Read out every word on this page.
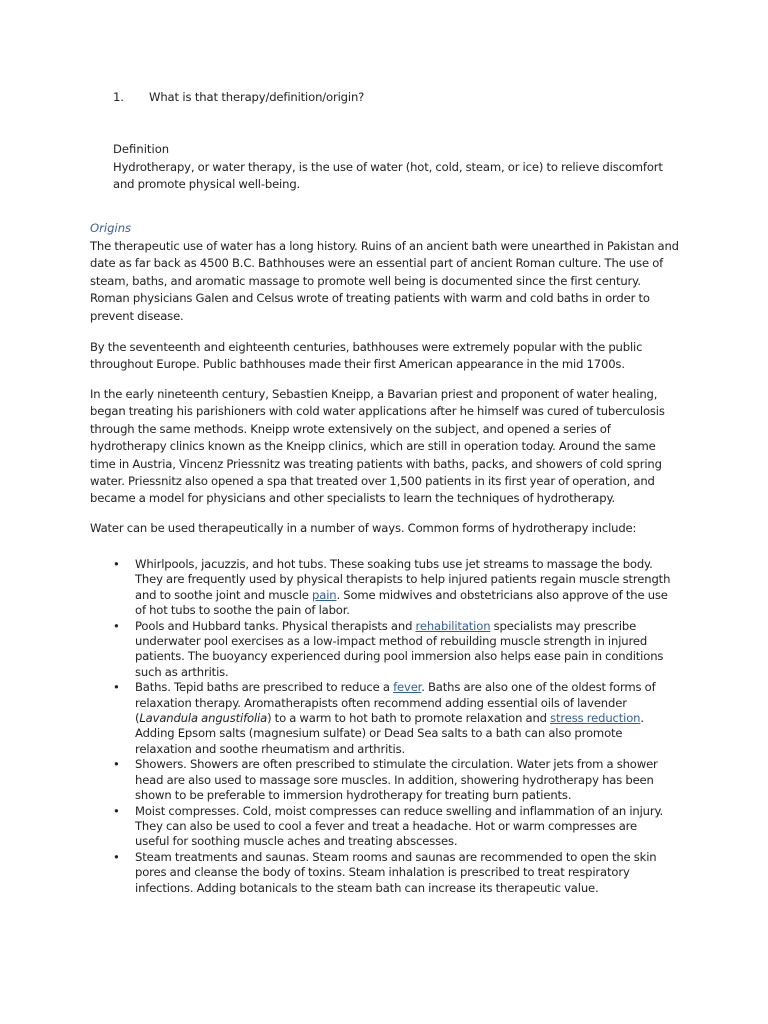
1. What is that therapy/definition/origin?
Definition
Hydrotherapy, or water therapy, is the use of water (hot, cold, steam, or ice) to relieve discomfort and promote physical well-being.
Origins

The therapeutic use of water has a long history. Ruins of an ancient bath were unearthed in Pakistan and date as far back as 4500 B.C. Bathhouses were an essential part of ancient Roman culture. The use of steam, baths, and aromatic massage to promote well being is documented since the first century. Roman physicians Galen and Celsus wrote of treating patients with warm and cold baths in order to prevent disease.

By the seventeenth and eighteenth centuries, bathhouses were extremely popular with the public throughout Europe. Public bathhouses made their first American appearance in the mid 1700s.

In the early nineteenth century, Sebastien Kneipp, a Bavarian priest and proponent of water healing, began treating his parishioners with cold water applications after he himself was cured of tuberculosis through the same methods. Kneipp wrote extensively on the subject, and opened a series of hydrotherapy clinics known as the Kneipp clinics, which are still in operation today. Around the same time in Austria, Vincenz Priessnitz was treating patients with baths, packs, and showers of cold spring water. Priessnitz also opened a spa that treated over 1,500 patients in its first year of operation, and became a model for physicians and other specialists to learn the techniques of hydrotherapy.

Water can be used therapeutically in a number of ways. Common forms of hydrotherapy include:

• Whirlpools, jacuzzis, and hot tubs. These soaking tubs use jet streams to massage the body. They are frequently used by physical therapists to help injured patients regain muscle strength and to soothe joint and muscle pain. Some midwives and obstetricians also approve of the use of hot tubs to soothe the pain of labor.
• Pools and Hubbard tanks. Physical therapists and rehabilitation specialists may prescribe underwater pool exercises as a low-impact method of rebuilding muscle strength in injured patients. The buoyancy experienced during pool immersion also helps ease pain in conditions such as arthritis.
• Baths. Tepid baths are prescribed to reduce a fever. Baths are also one of the oldest forms of relaxation therapy. Aromatherapists often recommend adding essential oils of lavender (Lavandula angustifolia) to a warm to hot bath to promote relaxation and stress reduction. Adding Epsom salts (magnesium sulfate) or Dead Sea salts to a bath can also promote relaxation and soothe rheumatism and arthritis.
• Showers. Showers are often prescribed to stimulate the circulation. Water jets from a shower head are also used to massage sore muscles. In addition, showering hydrotherapy has been shown to be preferable to immersion hydrotherapy for treating burn patients.
• Moist compresses. Cold, moist compresses can reduce swelling and inflammation of an injury. They can also be used to cool a fever and treat a headache. Hot or warm compresses are useful for soothing muscle aches and treating abscesses.
• Steam treatments and saunas. Steam rooms and saunas are recommended to open the skin pores and cleanse the body of toxins. Steam inhalation is prescribed to treat respiratory infections. Adding botanicals to the steam bath can increase its therapeutic value.
